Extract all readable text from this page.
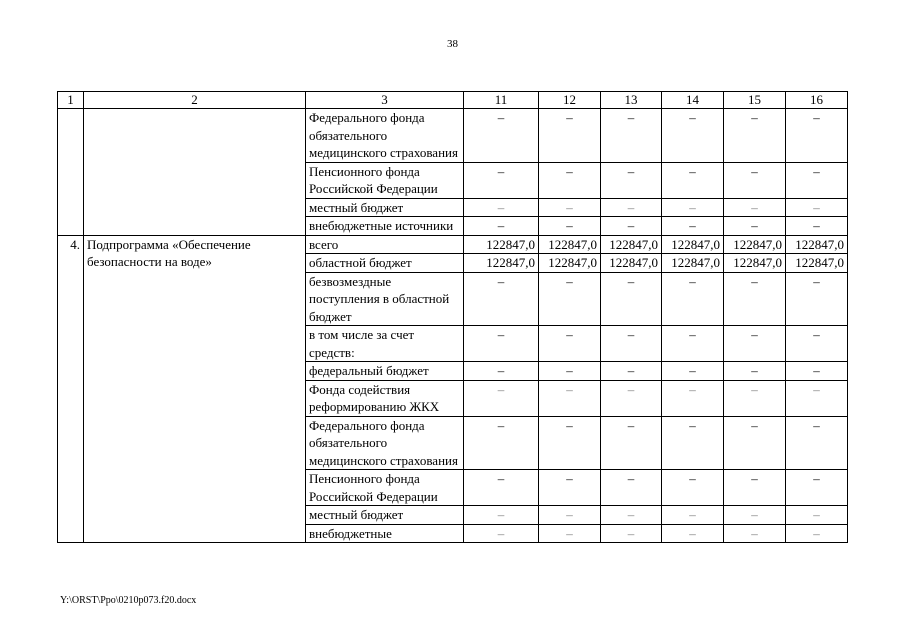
38
1	2	3	11	12	13	14	15	16
		Федерального фонда обязательного медицинского страхования	–	–	–	–	–	–
		Пенсионного фонда Российской Федерации	–	–	–	–	–	–
		местный бюджет	–	–	–	–	–	–
		внебюджетные источники	–	–	–	–	–	–
4.	Подпрограмма «Обеспечение безопасности на воде»	всего	122847,0	122847,0	122847,0	122847,0	122847,0	122847,0
		областной бюджет	122847,0	122847,0	122847,0	122847,0	122847,0	122847,0
		безвозмездные поступления в областной бюджет	–	–	–	–	–	–
		в том числе за счет средств:	–	–	–	–	–	–
		федеральный бюджет	–	–	–	–	–	–
		Фонда содействия реформированию ЖКХ	–	–	–	–	–	–
		Федерального фонда обязательного медицинского страхования	–	–	–	–	–	–
		Пенсионного фонда Российской Федерации	–	–	–	–	–	–
		местный бюджет	–	–	–	–	–	–
		внебюджетные	–	–	–	–	–	–
Y:\ORST\Ppo\0210p073.f20.docx
